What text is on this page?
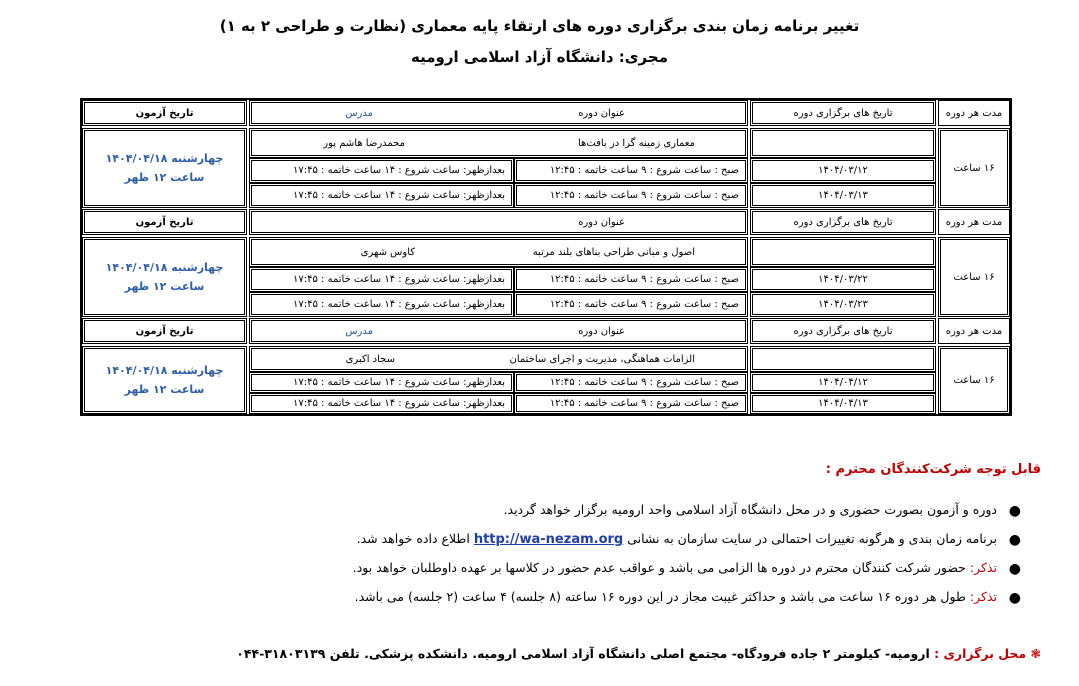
تغییر برنامه زمان بندی برگزاری دوره های ارتقاء پایه معماری (نظارت و طراحی ۲ به ۱)
مجری: دانشگاه آزاد اسلامی ارومیه
مدت هر دوره
تاریخ های برگزاری دوره
عنوان دوره
مدرس
تاریخ آزمون
۱۶ ساعت
۱۴۰۴/۰۳/۱۲
۱۴۰۴/۰۳/۱۳
معماری زمینه گرا در بافت‌ها
محمدرضا هاشم پور
صبح : ساعت شروع : ۹ ساعت خاتمه : ۱۲:۴۵
بعدازظهر: ساعت شروع : ۱۴ ساعت خاتمه : ۱۷:۴۵
صبح : ساعت شروع : ۹ ساعت خاتمه : ۱۲:۴۵
بعدازظهر: ساعت شروع : ۱۴ ساعت خاتمه : ۱۷:۴۵
چهارشنبه ۱۴۰۴/۰۴/۱۸
ساعت ۱۲ ظهر
مدت هر دوره
تاریخ های برگزاری دوره
عنوان دوره
تاریخ آزمون
۱۶ ساعت
۱۴۰۴/۰۳/۲۲
۱۴۰۴/۰۳/۲۳
اصول و مبانی طراحی بناهای بلند مرتبه
کاوس شهری
صبح : ساعت شروع : ۹ ساعت خاتمه : ۱۲:۴۵
بعدازظهر: ساعت شروع : ۱۴ ساعت خاتمه : ۱۷:۴۵
صبح : ساعت شروع : ۹ ساعت خاتمه : ۱۲:۴۵
بعدازظهر: ساعت شروع : ۱۴ ساعت خاتمه : ۱۷:۴۵
چهارشنبه ۱۴۰۴/۰۴/۱۸
ساعت ۱۲ ظهر
مدت هر دوره
تاریخ های برگزاری دوره
عنوان دوره
مدرس
تاریخ آزمون
۱۶ ساعت
۱۴۰۴/۰۴/۱۲
۱۴۰۴/۰۴/۱۳
الزامات هماهنگی، مدیریت و اجرای ساختمان
سجاد اکبری
صبح : ساعت شروع : ۹ ساعت خاتمه : ۱۲:۴۵
بعدازظهر: ساعت شروع : ۱۴ ساعت خاتمه : ۱۷:۴۵
صبح : ساعت شروع : ۹ ساعت خاتمه : ۱۲:۴۵
بعدازظهر: ساعت شروع : ۱۴ ساعت خاتمه : ۱۷:۴۵
چهارشنبه ۱۴۰۴/۰۴/۱۸
ساعت ۱۲ ظهر
قابل توجه شرکت‌کنندگان محترم :
●
دوره و آزمون بصورت حضوری و در محل دانشگاه آزاد اسلامی واحد ارومیه برگزار خواهد گردید.
●
برنامه زمان بندی و هرگونه تغییرات احتمالی در سایت سازمان به نشانی http://wa-nezam.org اطلاع داده خواهد شد.
●
تذکر: حضور شرکت کنندگان محترم در دوره ها الزامی می باشد و عواقب عدم حضور در کلاسها بر عهده داوطلبان خواهد بود.
●
تذکر: طول هر دوره ۱۶ ساعت می باشد و حداکثر غیبت مجاز در این دوره ۱۶ ساعته (۸ جلسه) ۴ ساعت (۲ جلسه) می باشد.
❃ محل برگزاری : ارومیه- کیلومتر ۲ جاده فرودگاه- مجتمع اصلی دانشگاه آزاد اسلامی ارومیه. دانشکده پزشکی. تلفن ۳۱۸۰۳۱۳۹-۰۴۴
